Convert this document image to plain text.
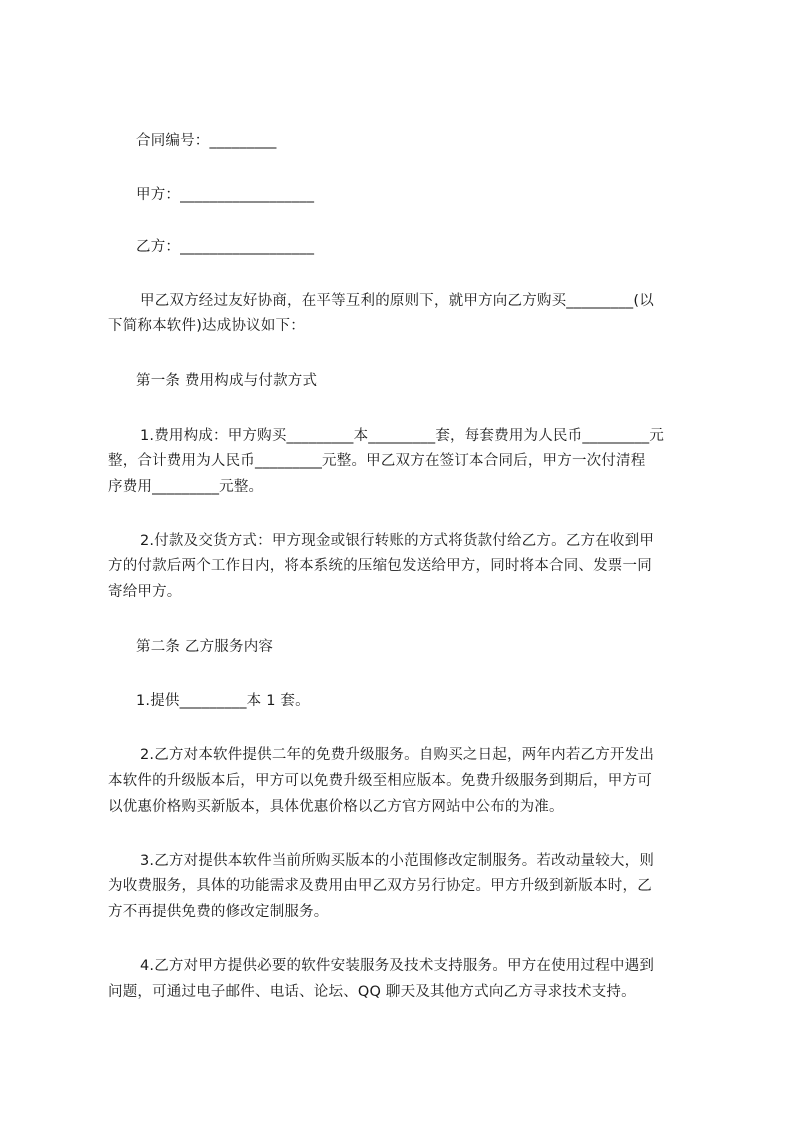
合同编号：_________
甲方：__________________
乙方：__________________
甲乙双方经过友好协商，在平等互利的原则下，就甲方向乙方购买_________(以
下简称本软件)达成协议如下：
第一条 费用构成与付款方式
1.费用构成：甲方购买_________本_________套，每套费用为人民币_________元
整，合计费用为人民币_________元整。甲乙双方在签订本合同后，甲方一次付清程
序费用_________元整。
2.付款及交货方式：甲方现金或银行转账的方式将货款付给乙方。乙方在收到甲
方的付款后两个工作日内，将本系统的压缩包发送给甲方，同时将本合同、发票一同
寄给甲方。
第二条 乙方服务内容
1.提供_________本 1 套。
2.乙方对本软件提供二年的免费升级服务。自购买之日起，两年内若乙方开发出
本软件的升级版本后，甲方可以免费升级至相应版本。免费升级服务到期后，甲方可
以优惠价格购买新版本，具体优惠价格以乙方官方网站中公布的为准。
3.乙方对提供本软件当前所购买版本的小范围修改定制服务。若改动量较大，则
为收费服务，具体的功能需求及费用由甲乙双方另行协定。甲方升级到新版本时，乙
方不再提供免费的修改定制服务。
4.乙方对甲方提供必要的软件安装服务及技术支持服务。甲方在使用过程中遇到
问题，可通过电子邮件、电话、论坛、QQ 聊天及其他方式向乙方寻求技术支持。
